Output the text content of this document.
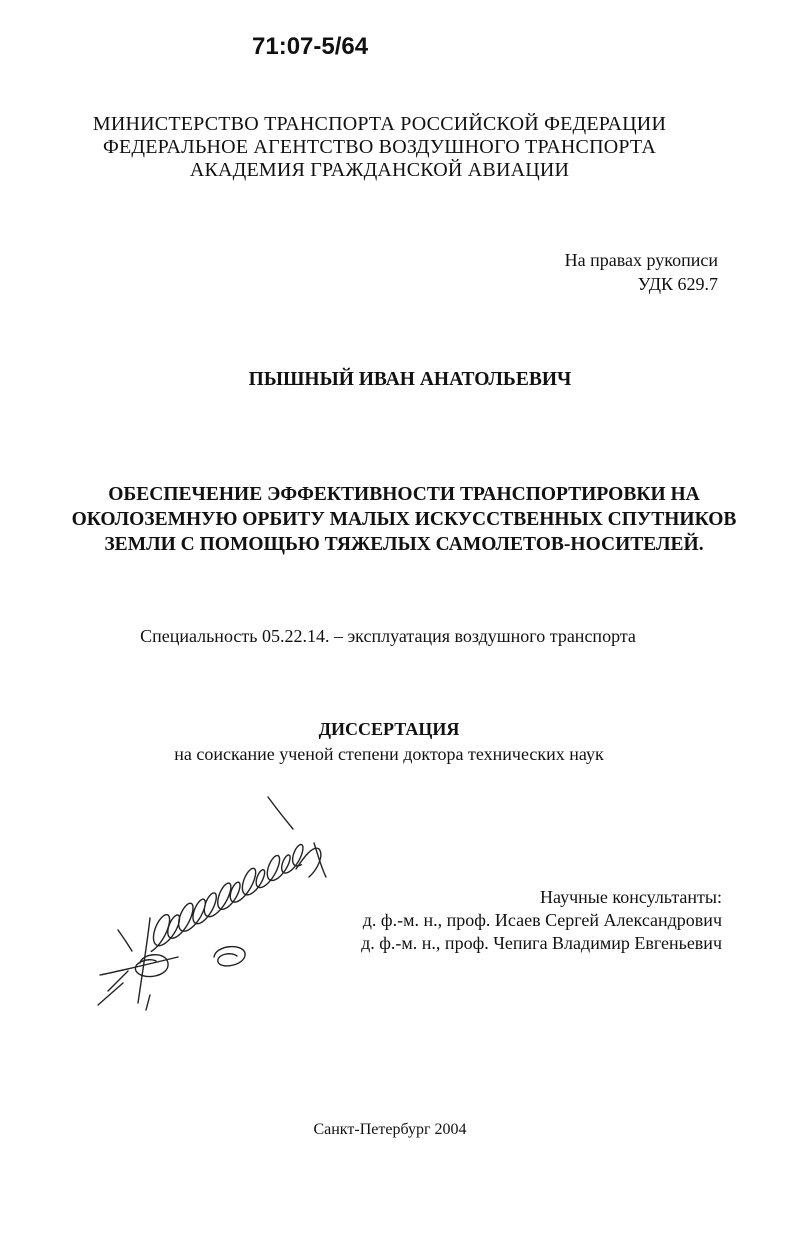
71:07-5/64
МИНИСТЕРСТВО ТРАНСПОРТА РОССИЙСКОЙ ФЕДЕРАЦИИ
ФЕДЕРАЛЬНОЕ АГЕНТСТВО ВОЗДУШНОГО ТРАНСПОРТА
АКАДЕМИЯ ГРАЖДАНСКОЙ АВИАЦИИ
На правах рукописи
УДК 629.7
ПЫШНЫЙ ИВАН АНАТОЛЬЕВИЧ
ОБЕСПЕЧЕНИЕ ЭФФЕКТИВНОСТИ ТРАНСПОРТИРОВКИ НА
ОКОЛОЗЕМНУЮ ОРБИТУ МАЛЫХ ИСКУССТВЕННЫХ СПУТНИКОВ
ЗЕМЛИ С ПОМОЩЬЮ ТЯЖЕЛЫХ САМОЛЕТОВ-НОСИТЕЛЕЙ.
Специальность 05.22.14. – эксплуатация воздушного транспорта
ДИССЕРТАЦИЯ
на соискание ученой степени доктора технических наук
Научные консультанты:
д. ф.-м. н., проф. Исаев Сергей Александрович
д. ф.-м. н., проф. Чепига Владимир Евгеньевич
Санкт-Петербург 2004
